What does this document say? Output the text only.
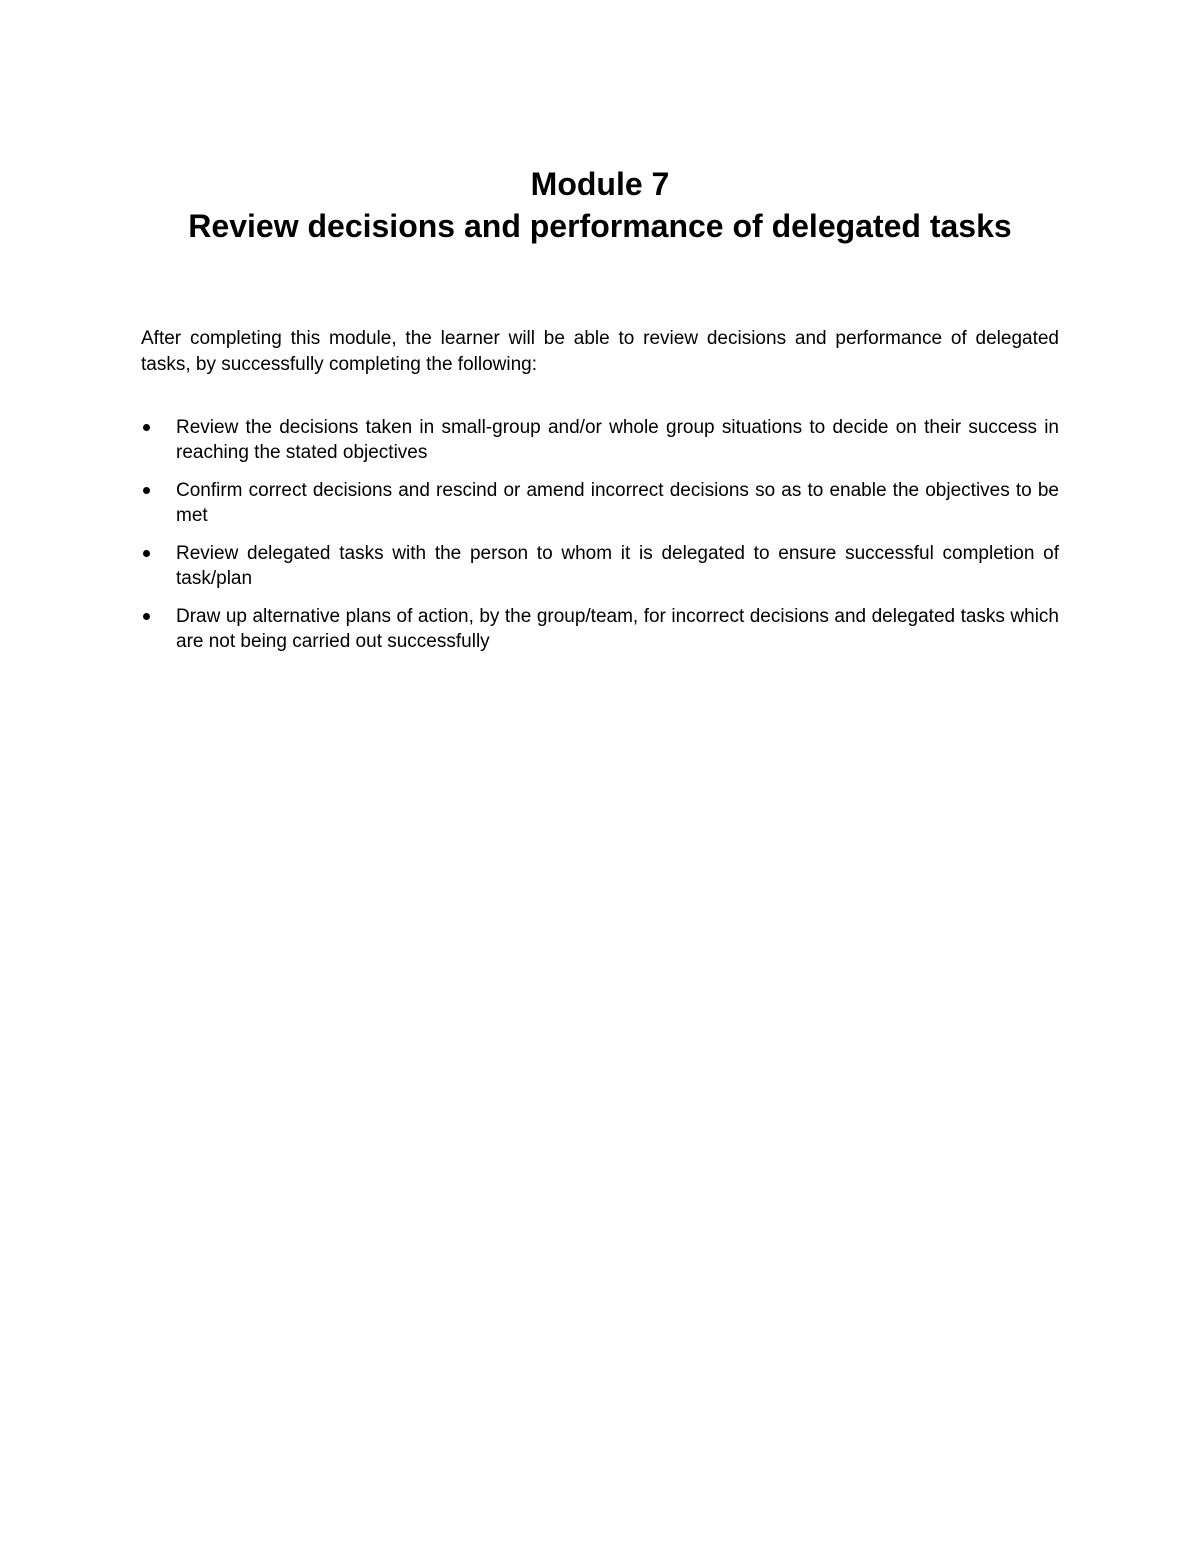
Module 7
Review decisions and performance of delegated tasks

After completing this module, the learner will be able to review decisions and performance of delegated tasks, by successfully completing the following:

Review the decisions taken in small-group and/or whole group situations to decide on their success in reaching the stated objectives
Confirm correct decisions and rescind or amend incorrect decisions so as to enable the objectives to be met
Review delegated tasks with the person to whom it is delegated to ensure successful completion of task/plan
Draw up alternative plans of action, by the group/team, for incorrect decisions and delegated tasks which are not being carried out successfully
